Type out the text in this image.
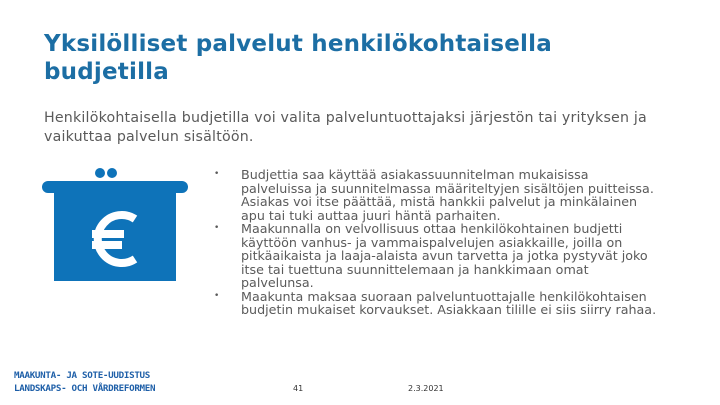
Yksilölliset palvelut henkilökohtaisella budjetilla
Henkilökohtaisella budjetilla voi valita palveluntuottajaksi järjestön tai yrityksen ja vaikuttaa palvelun sisältöön.
• Budjettia saa käyttää asiakassuunnitelman mukaisissa palveluissa ja suunnitelmassa määriteltyjen sisältöjen puitteissa. Asiakas voi itse päättää, mistä hankkii palvelut ja minkälainen apu tai tuki auttaa juuri häntä parhaiten.
• Maakunnalla on velvollisuus ottaa henkilökohtainen budjetti käyttöön vanhus- ja vammaispalvelujen asiakkaille, joilla on pitkäaikaista ja laaja-alaista avun tarvetta ja jotka pystyvät joko itse tai tuettuna suunnittelemaan ja hankkimaan omat palvelunsa.
• Maakunta maksaa suoraan palveluntuottajalle henkilökohtaisen budjetin mukaiset korvaukset. Asiakkaan tilille ei siis siirry rahaa.
MAAKUNTA- JA SOTE-UUDISTUS
LANDSKAPS- OCH VÅRDREFORMEN	41	2.3.2021
